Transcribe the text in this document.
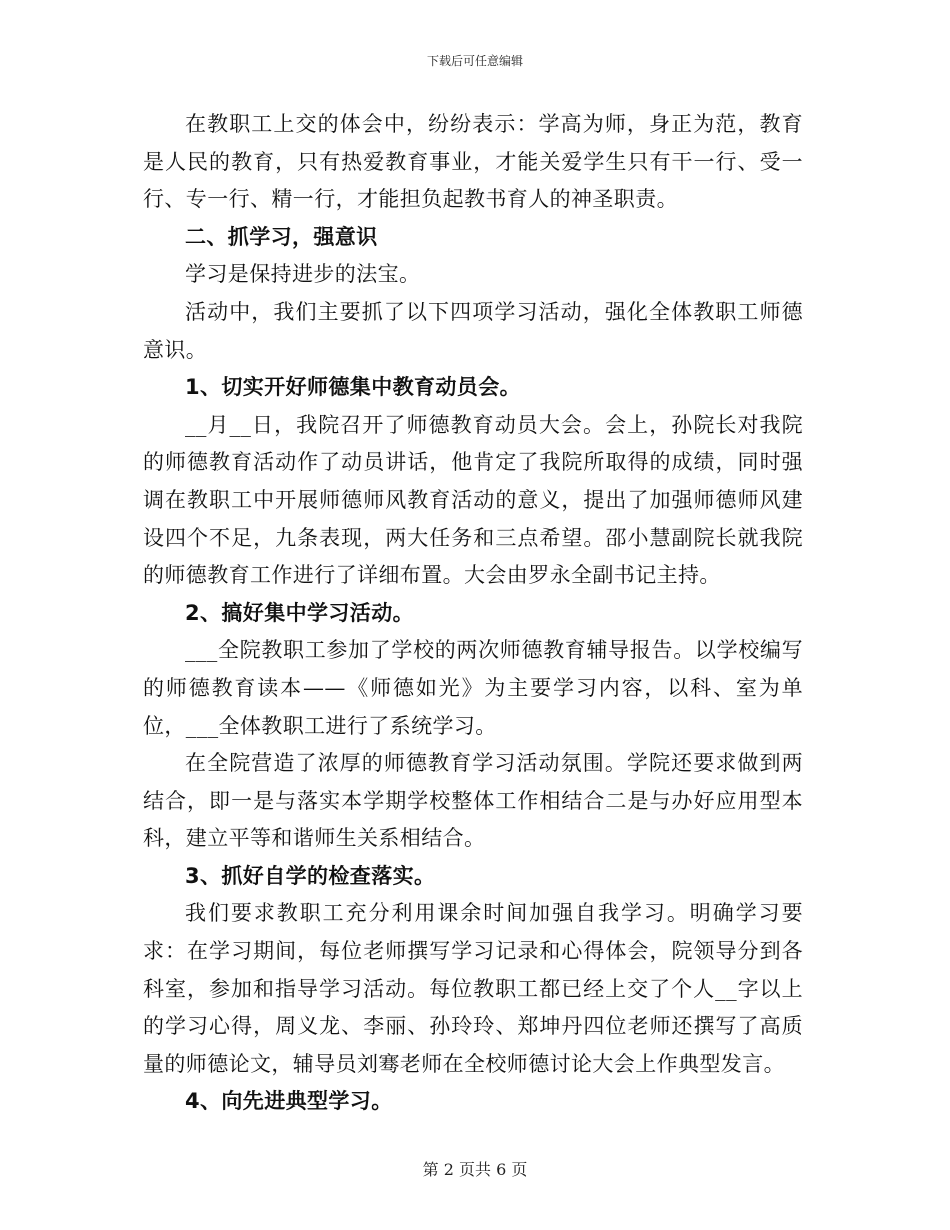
下载后可任意编辑

在教职工上交的体会中，纷纷表示：学高为师，身正为范，教育是人民的教育，只有热爱教育事业，才能关爱学生只有干一行、受一行、专一行、精一行，才能担负起教书育人的神圣职责。

二、抓学习，强意识

学习是保持进步的法宝。

活动中，我们主要抓了以下四项学习活动，强化全体教职工师德意识。

1、切实开好师德集中教育动员会。

__月__日，我院召开了师德教育动员大会。会上，孙院长对我院的师德教育活动作了动员讲话，他肯定了我院所取得的成绩，同时强调在教职工中开展师德师风教育活动的意义，提出了加强师德师风建设四个不足，九条表现，两大任务和三点希望。邵小慧副院长就我院的师德教育工作进行了详细布置。大会由罗永全副书记主持。

2、搞好集中学习活动。

___全院教职工参加了学校的两次师德教育辅导报告。以学校编写的师德教育读本——《师德如光》为主要学习内容，以科、室为单位，___全体教职工进行了系统学习。

在全院营造了浓厚的师德教育学习活动氛围。学院还要求做到两结合，即一是与落实本学期学校整体工作相结合二是与办好应用型本科，建立平等和谐师生关系相结合。

3、抓好自学的检查落实。

我们要求教职工充分利用课余时间加强自我学习。明确学习要求：在学习期间，每位老师撰写学习记录和心得体会，院领导分到各科室，参加和指导学习活动。每位教职工都已经上交了个人__字以上的学习心得，周义龙、李丽、孙玲玲、郑坤丹四位老师还撰写了高质量的师德论文，辅导员刘骞老师在全校师德讨论大会上作典型发言。

4、向先进典型学习。

第 2 页共 6 页
